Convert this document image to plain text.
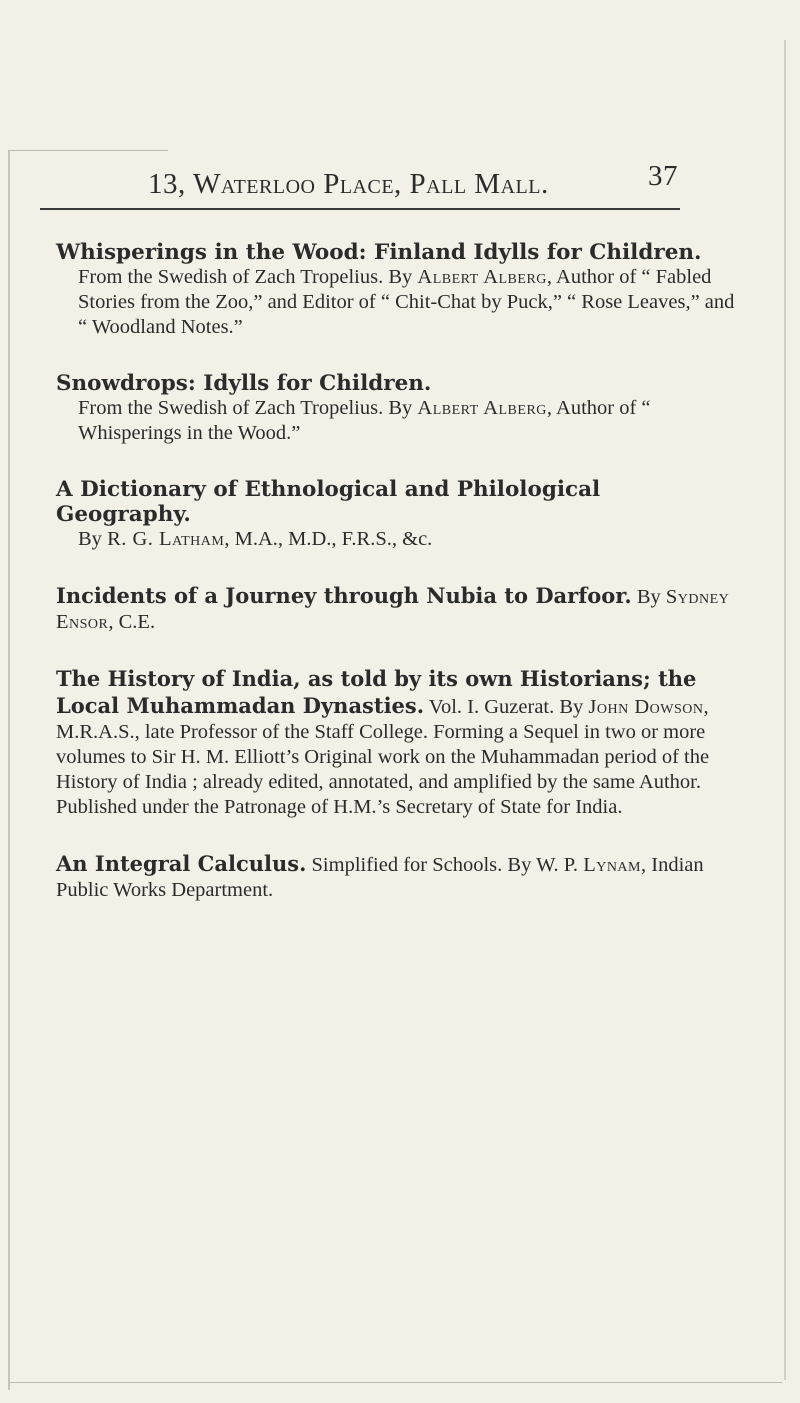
13, Waterloo Place, Pall Mall.	37
Whisperings in the Wood: Finland Idylls for Children.
From the Swedish of Zach Tropelius. By Albert Alberg, Author of “ Fabled Stories from the Zoo,” and Editor of “ Chit-Chat by Puck,” “ Rose Leaves,” and “ Woodland Notes.”
Snowdrops: Idylls for Children.
From the Swedish of Zach Tropelius. By Albert Alberg, Author of “ Whisperings in the Wood.”
A Dictionary of Ethnological and Philological Geography.
By R. G. Latham, M.A., M.D., F.R.S., &c.
Incidents of a Journey through Nubia to Darfoor. By Sydney Ensor, C.E.
The History of India, as told by its own Historians; the Local Muhammadan Dynasties. Vol. I. Guzerat. By John Dowson, M.R.A.S., late Professor of the Staff College. Forming a Sequel in two or more volumes to Sir H. M. Elliott’s Original work on the Muhammadan period of the History of India ; already edited, annotated, and amplified by the same Author. Published under the Patronage of H.M.’s Secretary of State for India.
An Integral Calculus. Simplified for Schools. By W. P. Lynam, Indian Public Works Department.
